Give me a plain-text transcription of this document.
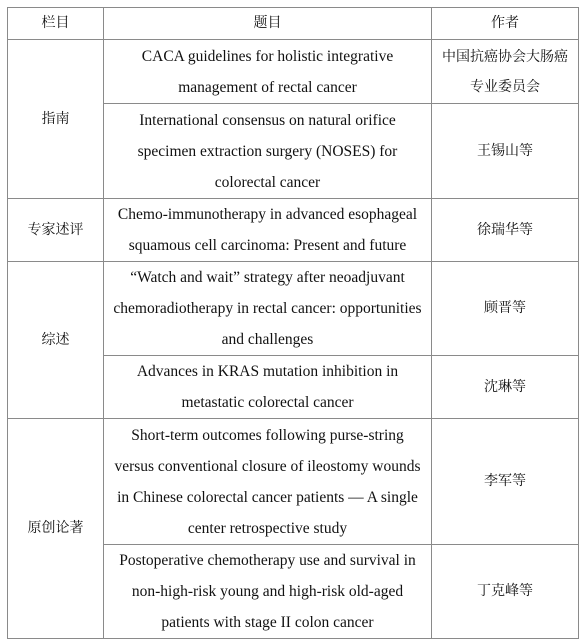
栏目	题目	作者
指南	CACA guidelines for holistic integrative management of rectal cancer	中国抗癌协会大肠癌专业委员会
	International consensus on natural orifice specimen extraction surgery (NOSES) for colorectal cancer	王锡山等
专家述评	Chemo-immunotherapy in advanced esophageal squamous cell carcinoma: Present and future	徐瑞华等
综述	“Watch and wait” strategy after neoadjuvant chemoradiotherapy in rectal cancer: opportunities and challenges	顾晋等
	Advances in KRAS mutation inhibition in metastatic colorectal cancer	沈琳等
原创论著	Short-term outcomes following purse-string versus conventional closure of ileostomy wounds in Chinese colorectal cancer patients — A single center retrospective study	李军等
	Postoperative chemotherapy use and survival in non-high-risk young and high-risk old-aged patients with stage II colon cancer	丁克峰等
